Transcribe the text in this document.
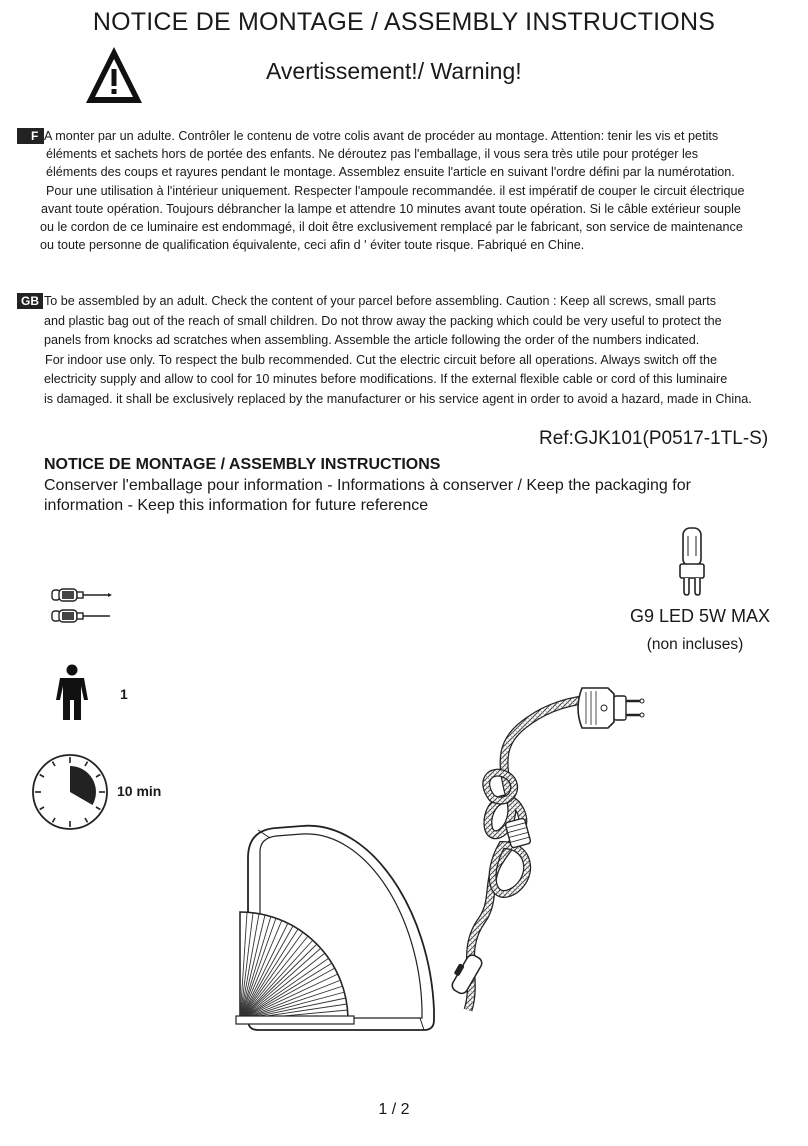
NOTICE DE MONTAGE / ASSEMBLY INSTRUCTIONS
Avertissement!/ Warning!
F A monter par un adulte. Contrôler le contenu de votre colis avant de procéder au montage. Attention: tenir les vis et petits
éléments et sachets hors de portée des enfants. Ne déroutez pas l'emballage, il vous sera très utile pour protéger les
éléments des coups et rayures pendant le montage. Assemblez ensuite l'article en suivant l'ordre défini par la numérotation.
Pour une utilisation à l'intérieur uniquement. Respecter l'ampoule recommandée. il est impératif de couper le circuit électrique
avant toute opération. Toujours débrancher la lampe et attendre 10 minutes avant toute opération. Si le câble extérieur souple
ou le cordon de ce luminaire est endommagé, il doit être exclusivement remplacé par le fabricant, son service de maintenance
ou toute personne de qualification équivalente, ceci afin d ' éviter toute risque. Fabriqué en Chine.
GB To be assembled by an adult. Check the content of your parcel before assembling. Caution : Keep all screws, small parts
and plastic bag out of the reach of small children. Do not throw away the packing which could be very useful to protect the
panels from knocks ad scratches when assembling. Assemble the article following the order of the numbers indicated.
For indoor use only. To respect the bulb recommended. Cut the electric circuit before all operations. Always switch off the
electricity supply and allow to cool for 10 minutes before modifications. If the external flexible cable or cord of this luminaire
is damaged. it shall be exclusively replaced by the manufacturer or his service agent in order to avoid a hazard, made in China.
Ref:GJK101(P0517-1TL-S)
NOTICE DE MONTAGE / ASSEMBLY INSTRUCTIONS
Conserver l'emballage pour information - Informations à conserver / Keep the packaging for
information - Keep this information for future reference
G9 LED 5W MAX
(non incluses)
1
10 min
1 / 2
